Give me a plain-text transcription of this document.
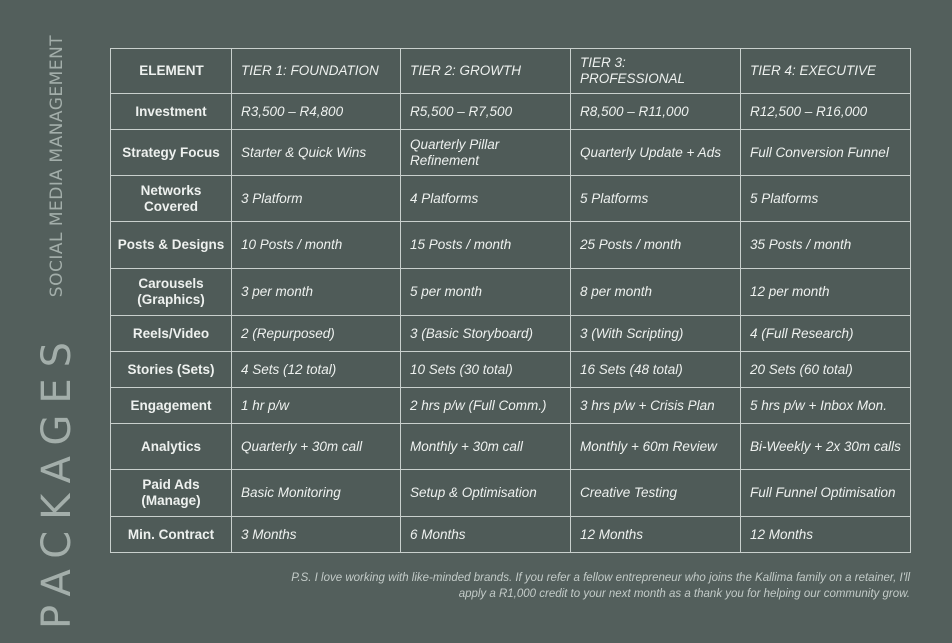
SOCIAL MEDIA MANAGEMENT
PACKAGES
ELEMENT	TIER 1: FOUNDATION	TIER 2: GROWTH	TIER 3: PROFESSIONAL	TIER 4: EXECUTIVE
Investment	R3,500 – R4,800	R5,500 – R7,500	R8,500 – R11,000	R12,500 – R16,000
Strategy Focus	Starter & Quick Wins	Quarterly Pillar Refinement	Quarterly Update + Ads	Full Conversion Funnel
Networks Covered	3 Platform	4 Platforms	5 Platforms	5 Platforms
Posts & Designs	10 Posts / month	15 Posts / month	25 Posts / month	35 Posts / month
Carousels (Graphics)	3 per month	5 per month	8 per month	12 per month
Reels/Video	2 (Repurposed)	3 (Basic Storyboard)	3 (With Scripting)	4 (Full Research)
Stories (Sets)	4 Sets (12 total)	10 Sets (30 total)	16 Sets (48 total)	20 Sets (60 total)
Engagement	1 hr p/w	2 hrs p/w (Full Comm.)	3 hrs p/w + Crisis Plan	5 hrs p/w + Inbox Mon.
Analytics	Quarterly + 30m call	Monthly + 30m call	Monthly + 60m Review	Bi-Weekly + 2x 30m calls
Paid Ads (Manage)	Basic Monitoring	Setup & Optimisation	Creative Testing	Full Funnel Optimisation
Min. Contract	3 Months	6 Months	12 Months	12 Months
P.S. I love working with like-minded brands. If you refer a fellow entrepreneur who joins the Kallima family on a retainer, I'll apply a R1,000 credit to your next month as a thank you for helping our community grow.
